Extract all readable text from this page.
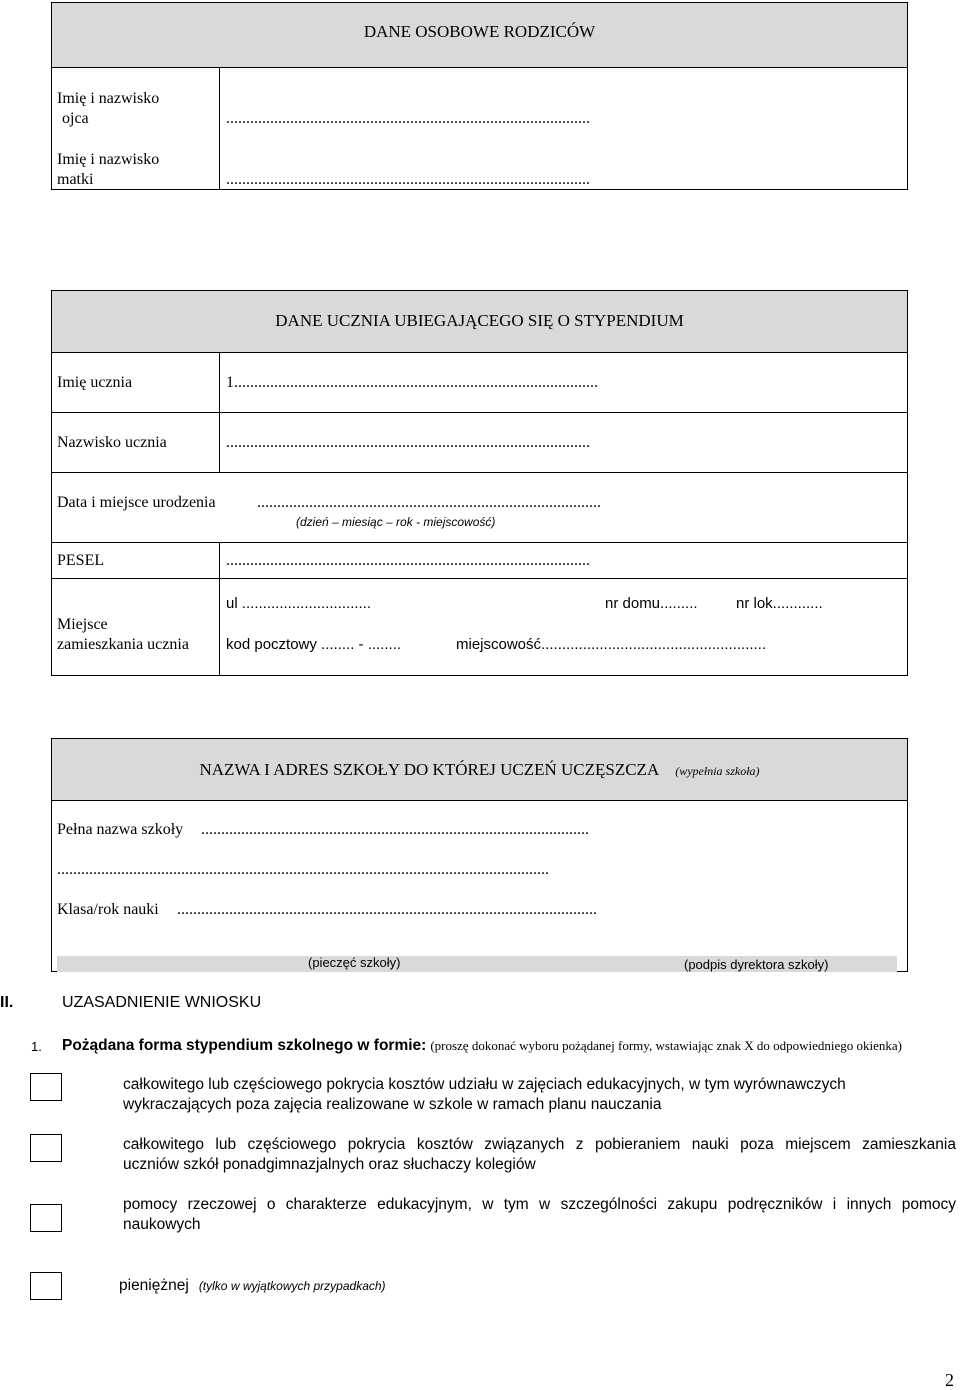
DANE OSOBOWE RODZICÓW
Imię i nazwisko
ojca	...........................................................................................
Imię i nazwisko
matki	...........................................................................................
DANE UCZNIA UBIEGAJĄCEGO SIĘ O STYPENDIUM
Imię ucznia	1...........................................................................................
Nazwisko ucznia	...........................................................................................
Data i miejsce urodzenia	......................................................................................
(dzień – miesiąc – rok - miejscowość)
PESEL	...........................................................................................
Miejsce
zamieszkania ucznia
ul ...............................	nr domu.........	nr lok............
kod pocztowy ........ - ........	miejscowość......................................................
NAZWA I ADRES SZKOŁY DO KTÓREJ UCZEŃ UCZĘSZCZA (wypełnia szkoła)
Pełna nazwa szkoły .................................................................................................
...........................................................................................................................
Klasa/rok nauki .........................................................................................................
(pieczęć szkoły)	(podpis dyrektora szkoły)
II.	UZASADNIENIE WNIOSKU
1. Pożądana forma stypendium szkolnego w formie: (proszę dokonać wyboru pożądanej formy, wstawiając znak X do odpowiedniego okienka)
całkowitego lub częściowego pokrycia kosztów udziału w zajęciach edukacyjnych, w tym wyrównawczych
wykraczających poza zajęcia realizowane w szkole w ramach planu nauczania
całkowitego lub częściowego pokrycia kosztów związanych z pobieraniem nauki poza miejscem zamieszkania
uczniów szkół ponadgimnazjalnych oraz słuchaczy kolegiów
pomocy rzeczowej o charakterze edukacyjnym, w tym w szczególności zakupu podręczników i innych pomocy
naukowych
pieniężnej (tylko w wyjątkowych przypadkach)
2
